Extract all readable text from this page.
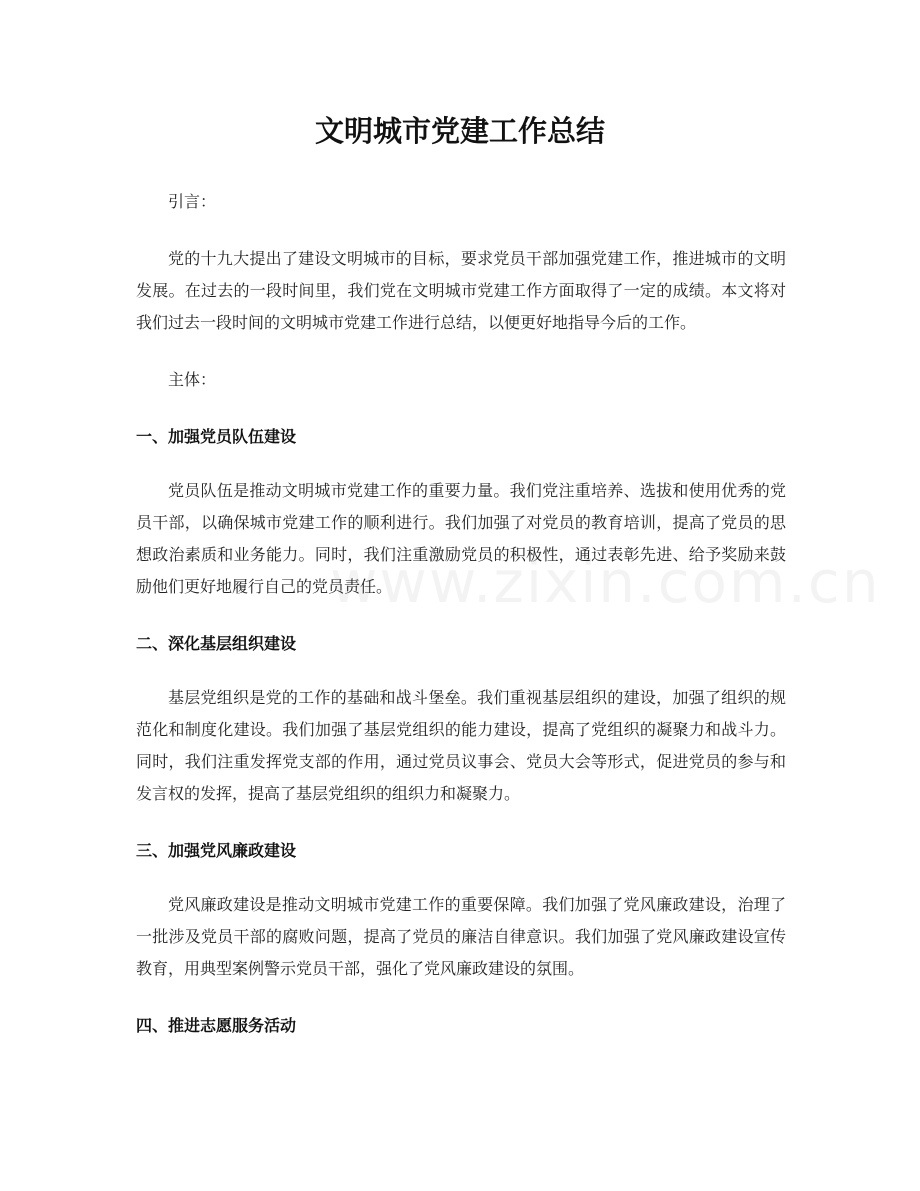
文明城市党建工作总结

引言：

党的十九大提出了建设文明城市的目标，要求党员干部加强党建工作，推进城市的文明发展。在过去的一段时间里，我们党在文明城市党建工作方面取得了一定的成绩。本文将对我们过去一段时间的文明城市党建工作进行总结，以便更好地指导今后的工作。

主体：

一、加强党员队伍建设

党员队伍是推动文明城市党建工作的重要力量。我们党注重培养、选拔和使用优秀的党员干部，以确保城市党建工作的顺利进行。我们加强了对党员的教育培训，提高了党员的思想政治素质和业务能力。同时，我们注重激励党员的积极性，通过表彰先进、给予奖励来鼓励他们更好地履行自己的党员责任。

二、深化基层组织建设

基层党组织是党的工作的基础和战斗堡垒。我们重视基层组织的建设，加强了组织的规范化和制度化建设。我们加强了基层党组织的能力建设，提高了党组织的凝聚力和战斗力。同时，我们注重发挥党支部的作用，通过党员议事会、党员大会等形式，促进党员的参与和发言权的发挥，提高了基层党组织的组织力和凝聚力。

三、加强党风廉政建设

党风廉政建设是推动文明城市党建工作的重要保障。我们加强了党风廉政建设，治理了一批涉及党员干部的腐败问题，提高了党员的廉洁自律意识。我们加强了党风廉政建设宣传教育，用典型案例警示党员干部，强化了党风廉政建设的氛围。

四、推进志愿服务活动
